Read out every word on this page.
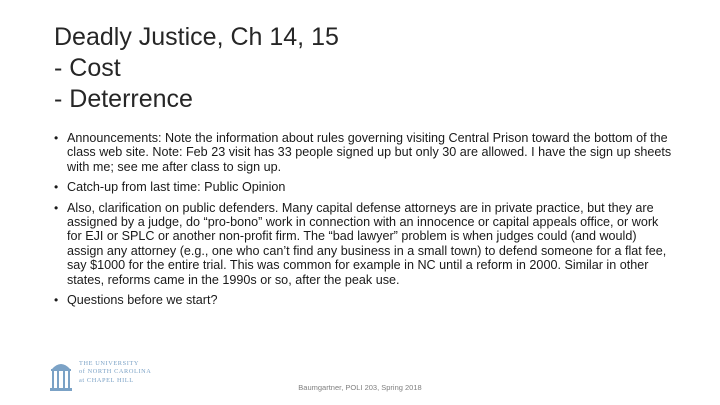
Deadly Justice, Ch 14, 15
- Cost
- Deterrence
• Announcements: Note the information about rules governing visiting Central Prison toward the bottom of the class web site. Note: Feb 23 visit has 33 people signed up but only 30 are allowed. I have the sign up sheets with me; see me after class to sign up.
• Catch-up from last time: Public Opinion
• Also, clarification on public defenders. Many capital defense attorneys are in private practice, but they are assigned by a judge, do “pro-bono” work in connection with an innocence or capital appeals office, or work for EJI or SPLC or another non-profit firm. The “bad lawyer” problem is when judges could (and would) assign any attorney (e.g., one who can’t find any business in a small town) to defend someone for a flat fee, say $1000 for the entire trial. This was common for example in NC until a reform in 2000. Similar in other states, reforms came in the 1990s or so, after the peak use.
• Questions before we start?
THE UNIVERSITY
of NORTH CAROLINA
at CHAPEL HILL
Baumgartner, POLI 203, Spring 2018
